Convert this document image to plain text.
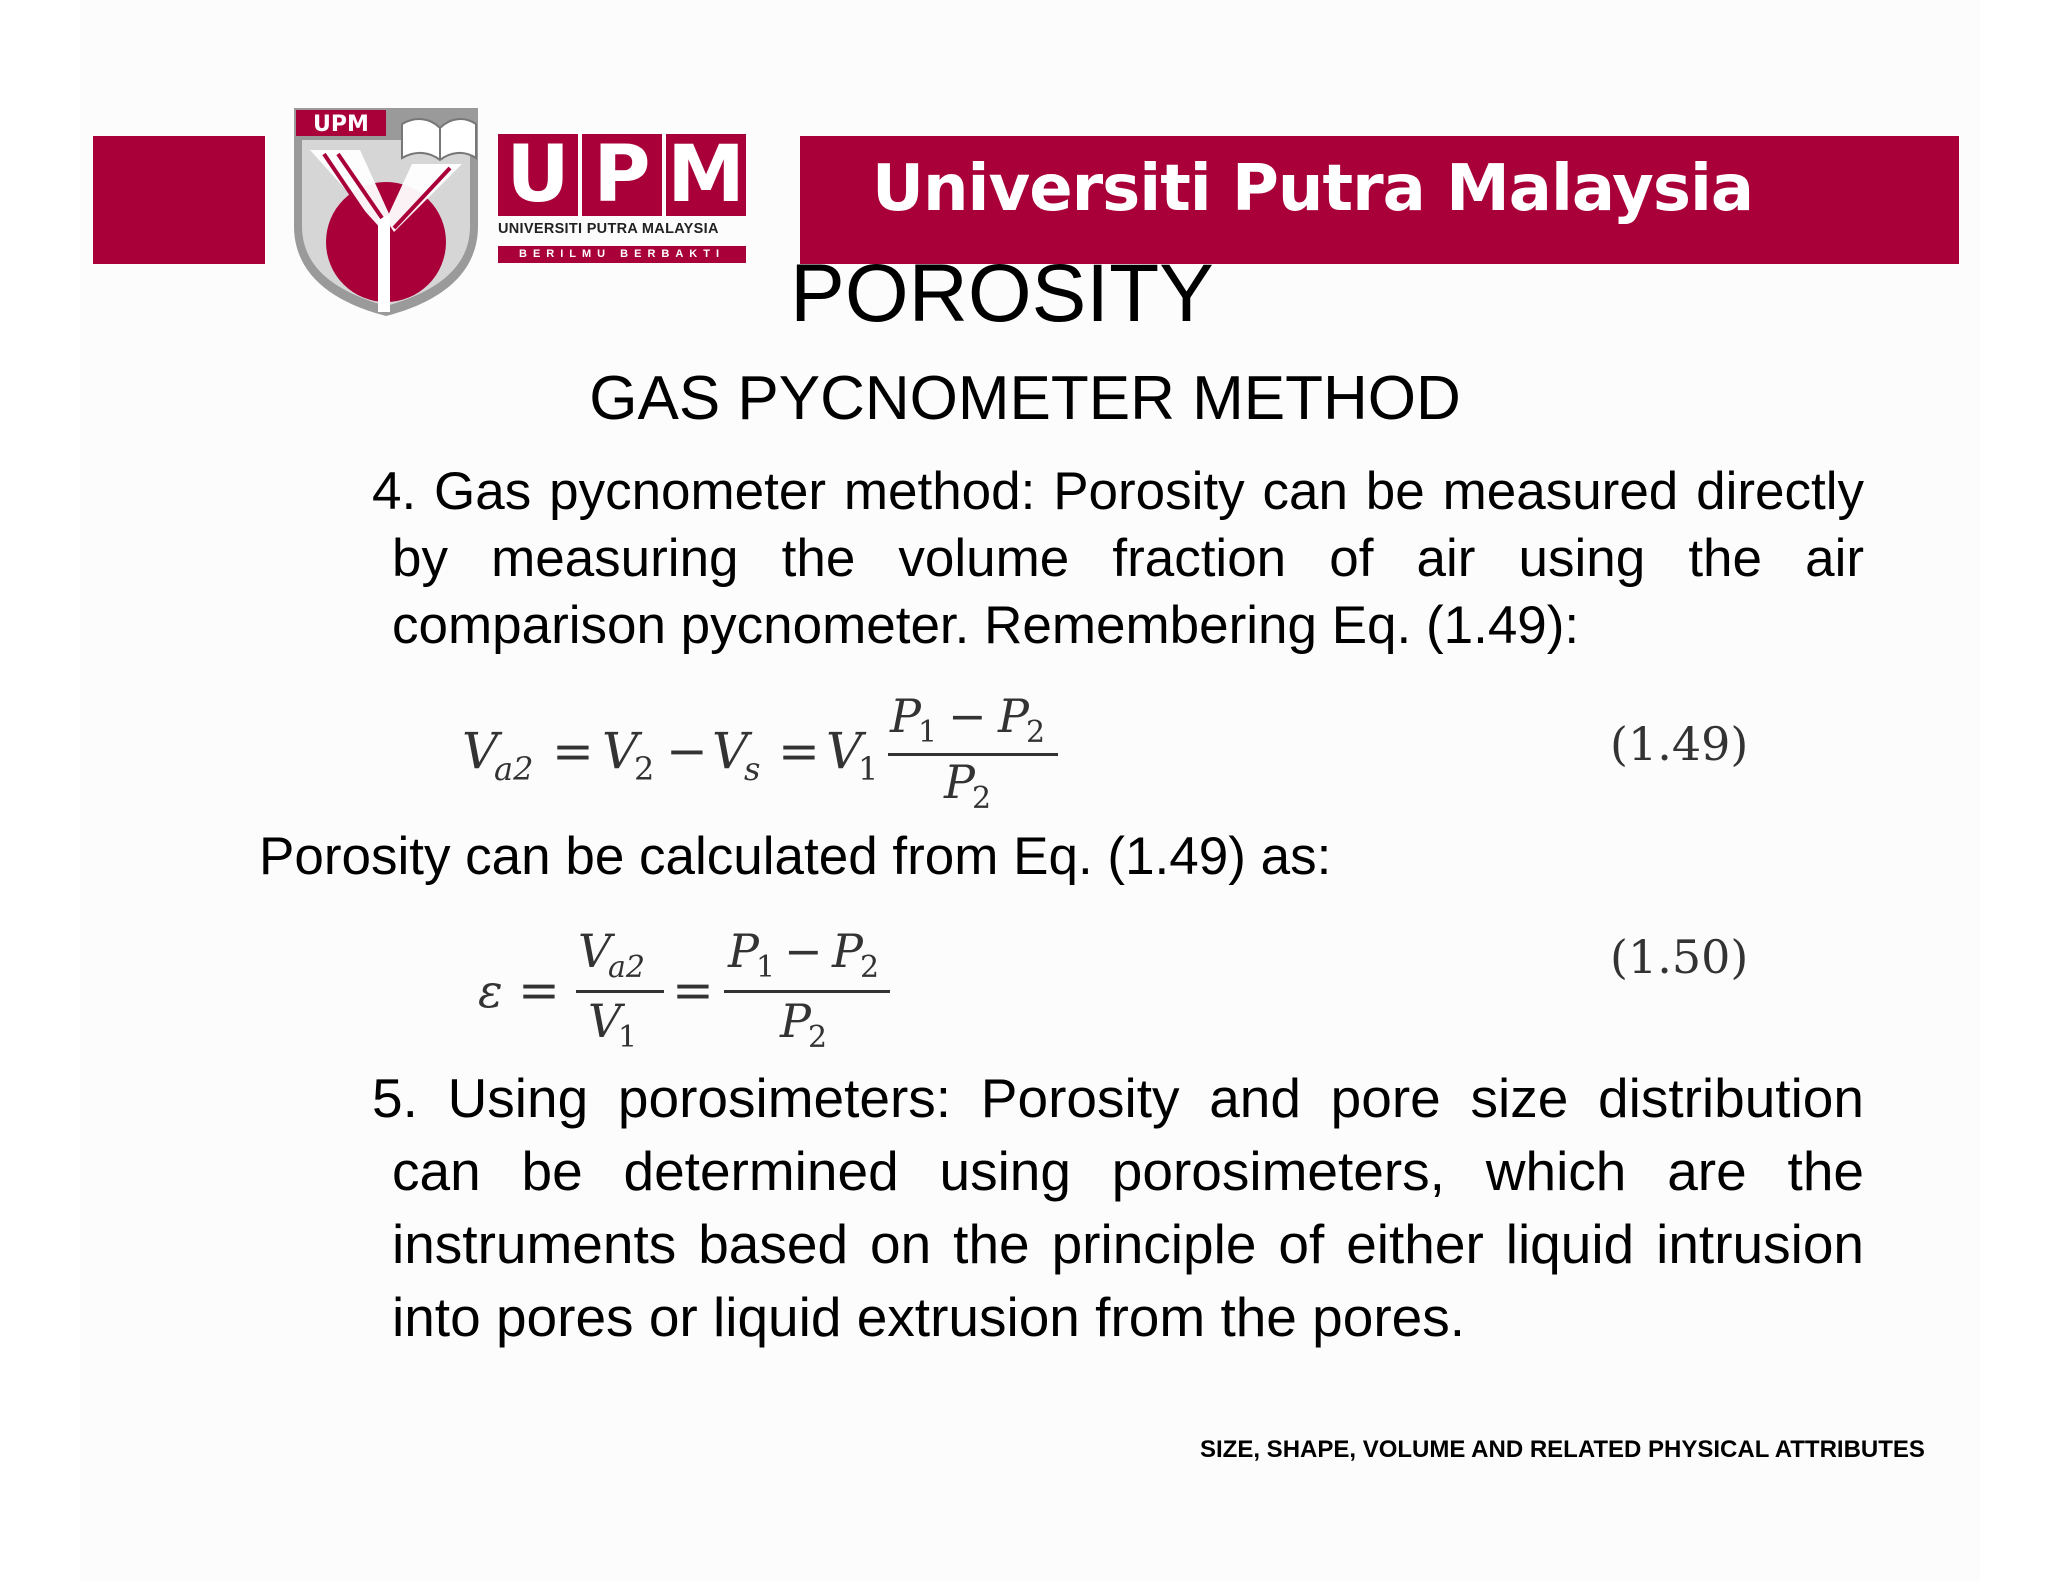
Universiti Putra Malaysia
UPM
U P M
UNIVERSITI PUTRA MALAYSIA
BERILMU BERBAKTI POROSITY
GAS PYCNOMETER METHOD
4. Gas pycnometer method: Porosity can be measured directly by measuring the volume fraction of air using the air comparison pycnometer. Remembering Eq. (1.49):
V
a2 = V
2 − V
s = V
1
P
1 − P
2
P
2
(1.49)
Porosity can be calculated from Eq. (1.49) as:
ε =
V
a2
V
1
=
P
1 − P
2
P
2
(1.50)
5. Using porosimeters: Porosity and pore size distribution can be determined using porosimeters, which are the instruments based on the principle of either liquid intrusion into pores or liquid extrusion from the pores.
SIZE, SHAPE, VOLUME AND RELATED PHYSICAL ATTRIBUTES
